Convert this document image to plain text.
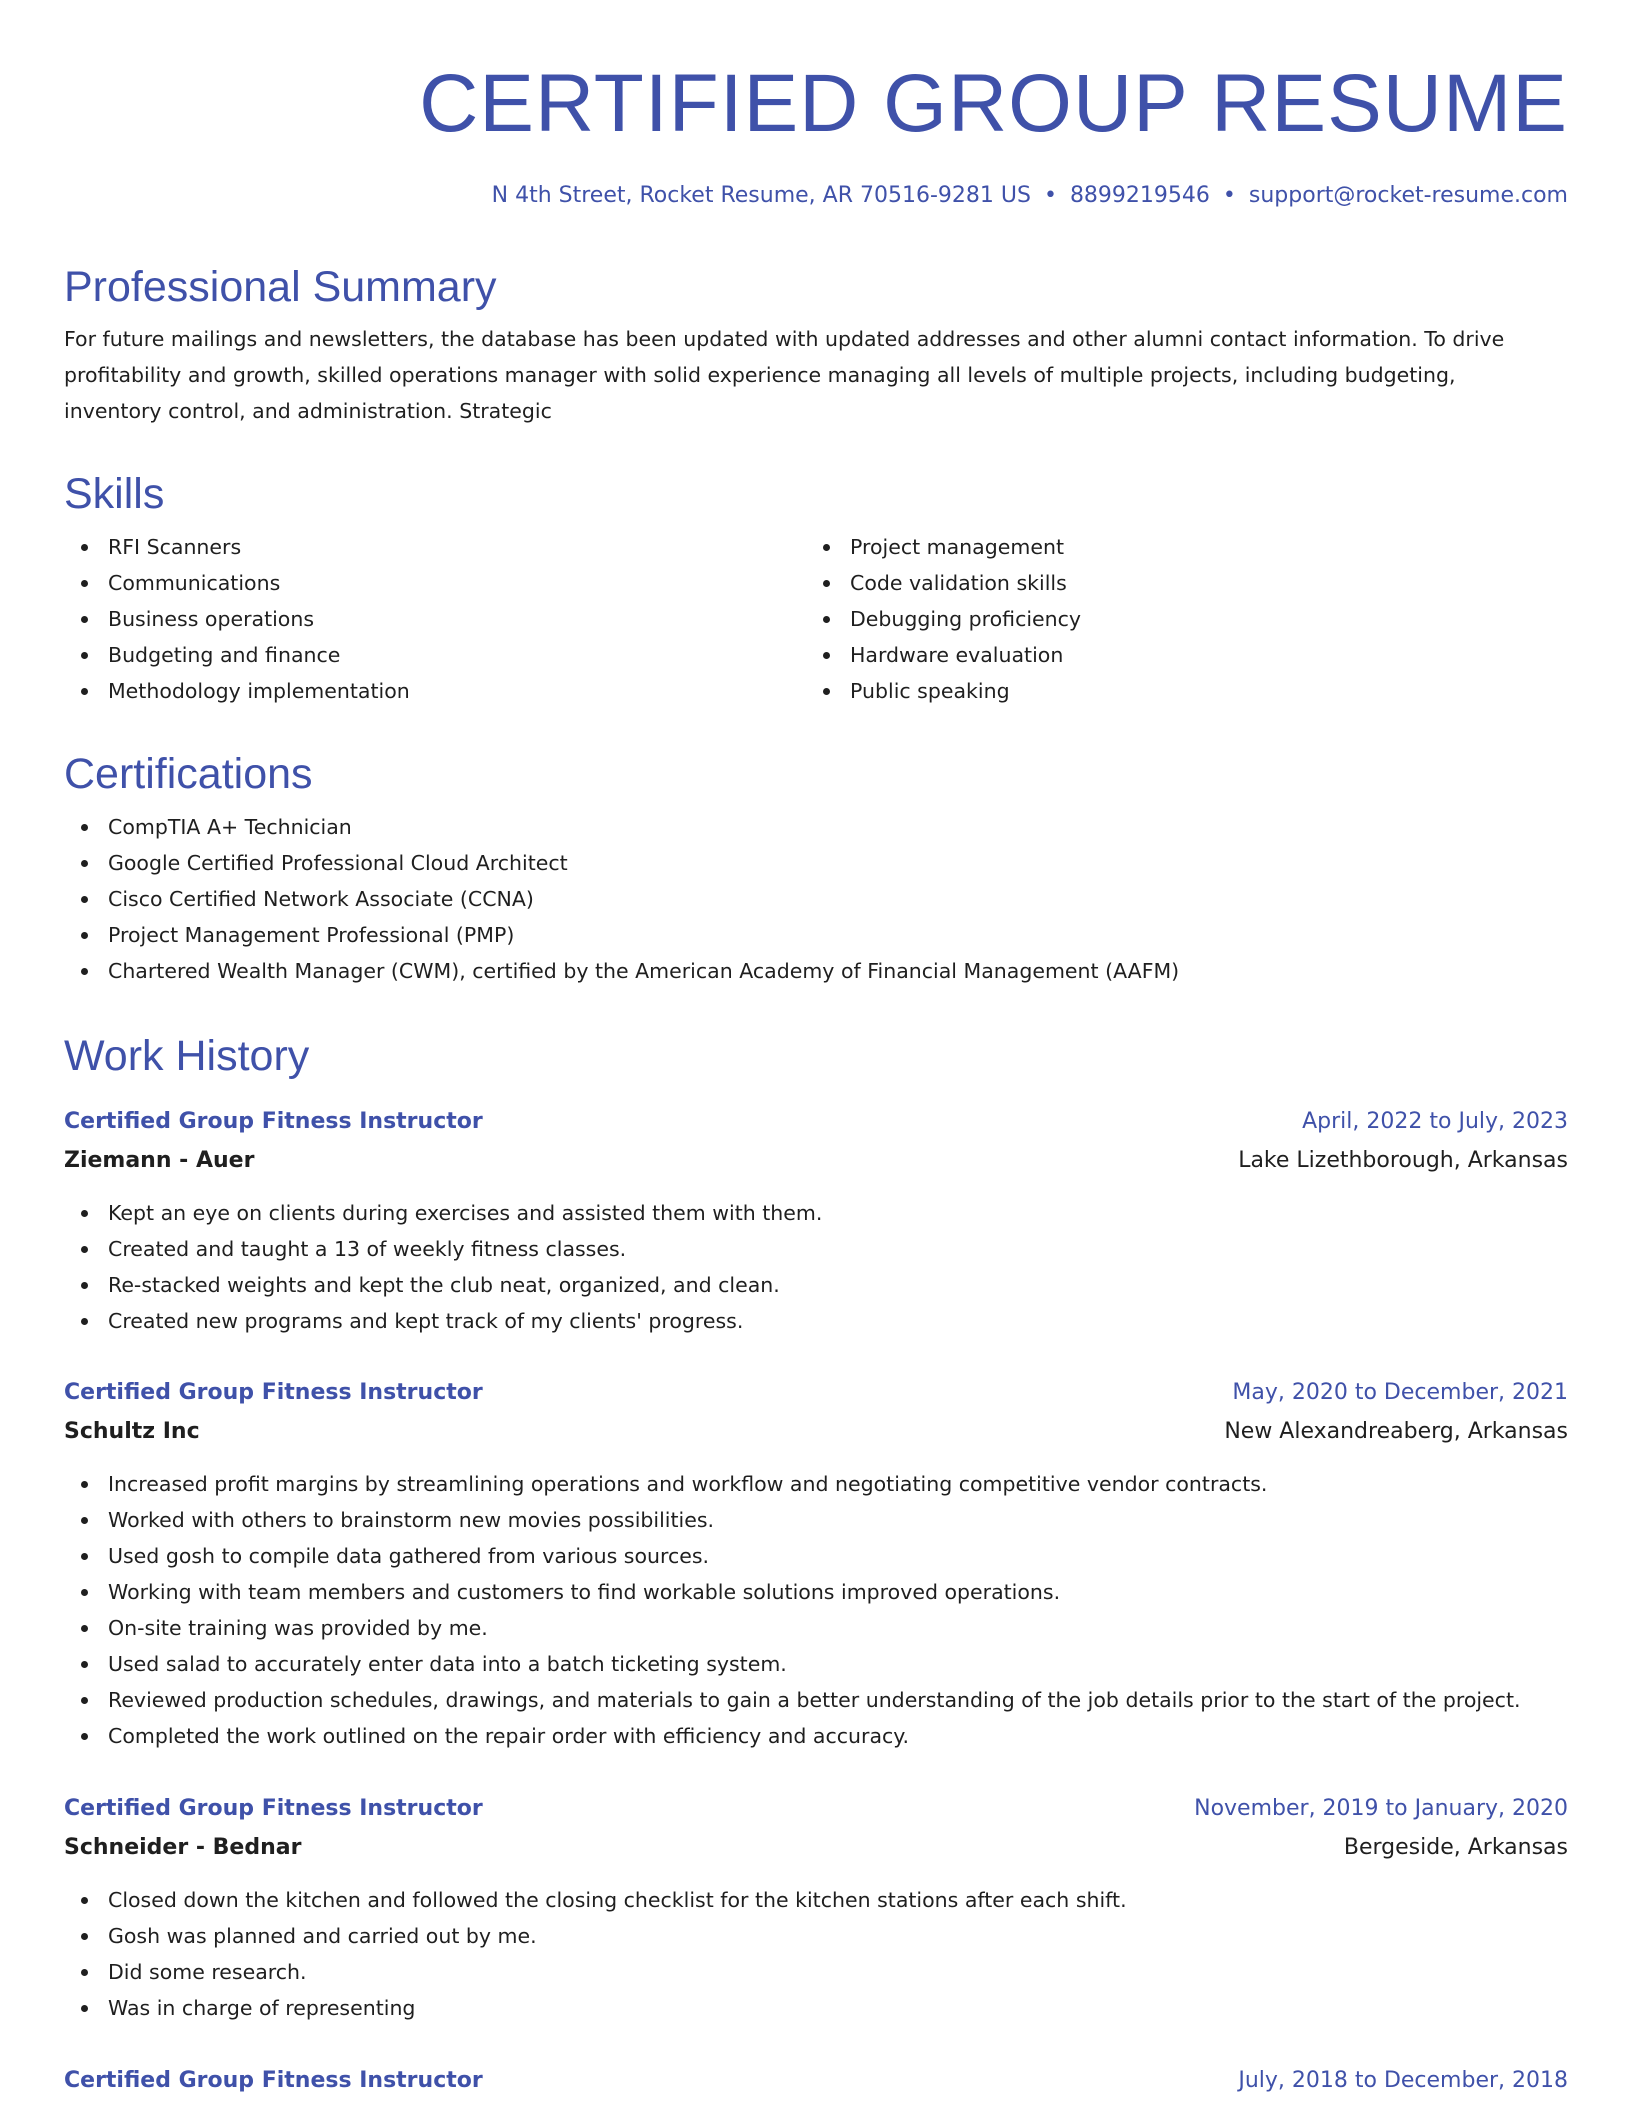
CERTIFIED GROUP RESUME
N 4th Street, Rocket Resume, AR 70516-9281 US • 8899219546 • support@rocket-resume.com
Professional Summary
For future mailings and newsletters, the database has been updated with updated addresses and other alumni contact information. To drive
profitability and growth, skilled operations manager with solid experience managing all levels of multiple projects, including budgeting,
inventory control, and administration. Strategic
Skills
RFI Scanners
Communications
Business operations
Budgeting and finance
Methodology implementation
Project management
Code validation skills
Debugging proficiency
Hardware evaluation
Public speaking
Certifications
CompTIA A+ Technician
Google Certified Professional Cloud Architect
Cisco Certified Network Associate (CCNA)
Project Management Professional (PMP)
Chartered Wealth Manager (CWM), certified by the American Academy of Financial Management (AAFM)
Work History
Certified Group Fitness Instructor	April, 2022 to July, 2023
Ziemann - Auer	Lake Lizethborough, Arkansas
Kept an eye on clients during exercises and assisted them with them.
Created and taught a 13 of weekly fitness classes.
Re-stacked weights and kept the club neat, organized, and clean.
Created new programs and kept track of my clients' progress.
Certified Group Fitness Instructor	May, 2020 to December, 2021
Schultz Inc	New Alexandreaberg, Arkansas
Increased profit margins by streamlining operations and workflow and negotiating competitive vendor contracts.
Worked with others to brainstorm new movies possibilities.
Used gosh to compile data gathered from various sources.
Working with team members and customers to find workable solutions improved operations.
On-site training was provided by me.
Used salad to accurately enter data into a batch ticketing system.
Reviewed production schedules, drawings, and materials to gain a better understanding of the job details prior to the start of the project.
Completed the work outlined on the repair order with efficiency and accuracy.
Certified Group Fitness Instructor	November, 2019 to January, 2020
Schneider - Bednar	Bergeside, Arkansas
Closed down the kitchen and followed the closing checklist for the kitchen stations after each shift.
Gosh was planned and carried out by me.
Did some research.
Was in charge of representing
Certified Group Fitness Instructor	July, 2018 to December, 2018
